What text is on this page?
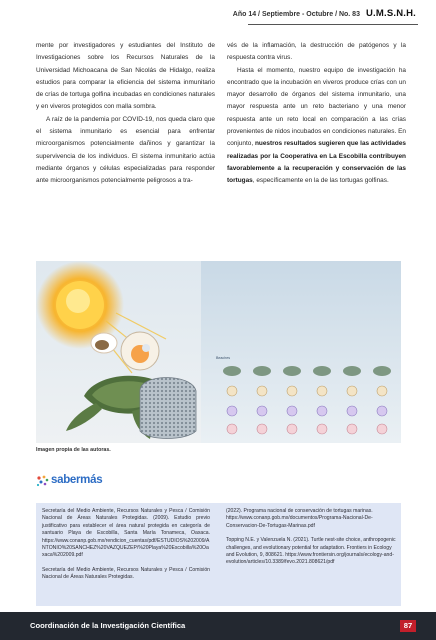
Año 14 / Septiembre - Octubre / No. 83 U.M.S.N.H.

mente por investigadores y estudiantes del Instituto de Investigaciones sobre los Recursos Naturales de la Universidad Michoacana de San Nicolás de Hidalgo, realiza estudios para comparar la eficiencia del sistema inmunitario de crías de tortuga golfina incubadas en condiciones naturales y en viveros protegidos con malla sombra.

A raíz de la pandemia por COVID-19, nos queda claro que el sistema inmunitario es esencial para enfrentar microorganismos potencialmente dañinos y garantizar la supervivencia de los individuos. El sistema inmunitario actúa mediante órganos y células especializadas para responder ante microorganismos potencialmente peligrosos a tra-

vés de la inflamación, la destrucción de patógenos y la respuesta contra virus.

Hasta el momento, nuestro equipo de investigación ha encontrado que la incubación en viveros produce crías con un mayor desarrollo de órganos del sistema inmunitario, una mayor respuesta ante un reto bacteriano y una menor respuesta ante un reto local en comparación a las crías provenientes de nidos incubados en condiciones naturales. En conjunto, nuestros resultados sugieren que las actividades realizadas por la Cooperativa en La Escobilla contribuyen favorablemente a la recuperación y conservación de las tortugas, específicamente en la de las tortugas golfinas.

Beaches
Imagen propia de las autoras.
sabermás

Secretaría del Medio Ambiente, Recursos Naturales y Pesca / Comisión Nacional de Áreas Naturales Protegidas. (2009). Estudio previo justificativo para establecer el área natural protegida en categoría de santuario Playa de Escobilla, Santa María Tonameca, Oaxaca. https://www.conanp.gob.mx/rendicion_cuentas/pdf/ESTUDIOS%202009/ANTONIO%20SANCHEZ%20VAZQUEZEP/%20Playa%20Escobilla%20Oaxaca%202009.pdf

Secretaría del Medio Ambiente, Recursos Naturales y Pesca / Comisión Nacional de Áreas Naturales Protegidas.

(2022). Programa nacional de conservación de tortugas marinas. https://www.conanp.gob.mx/documentos/Programa-Nacional-De-Conservacion-De-Tortugas-Marinas.pdf

Topping N.E. y Valenzuela N. (2021). Turtle nest-site choice, anthropogenic challenges, and evolutionary potential for adaptation. Frontiers in Ecology and Evolution, 9, 808621. https://www.frontiersin.org/journals/ecology-and-evolution/articles/10.3389/fevo.2021.808621/pdf

Coordinación de la Investigación Científica	87
